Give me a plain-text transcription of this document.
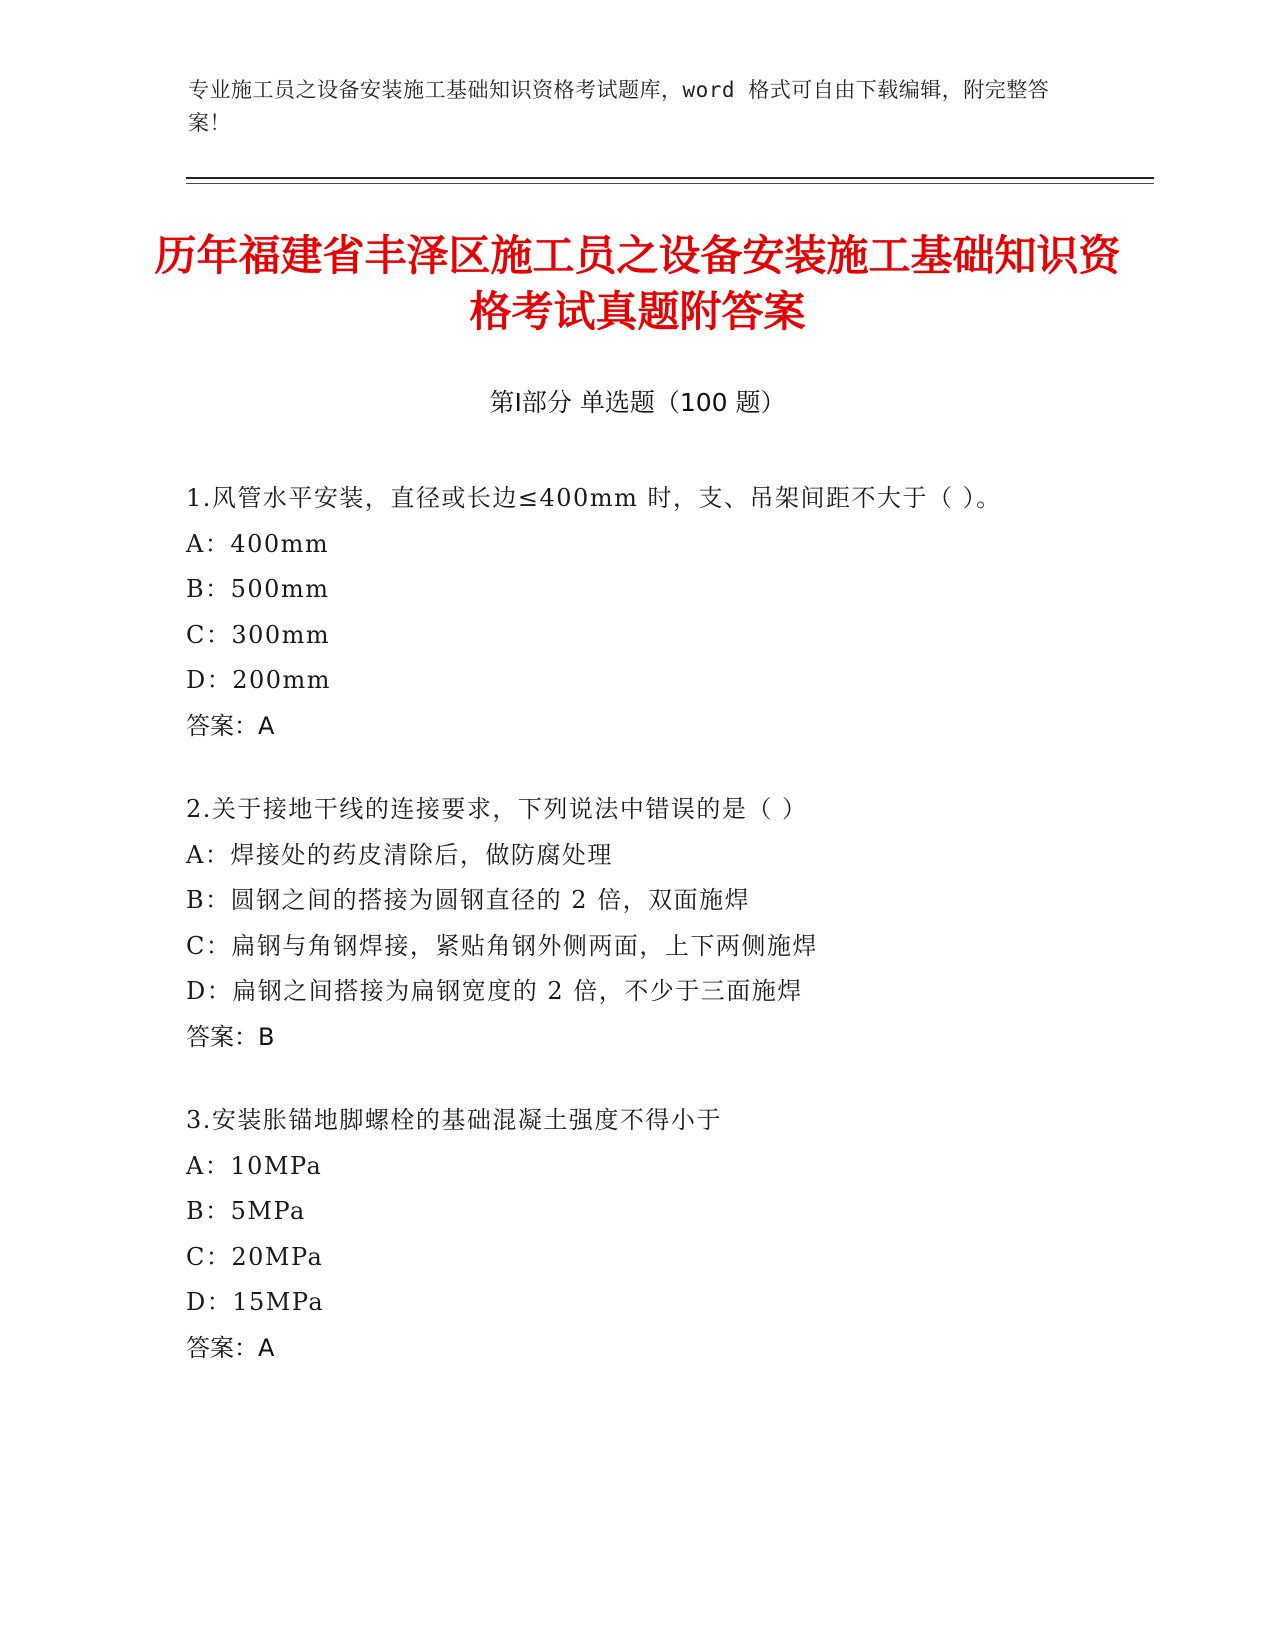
专业施工员之设备安装施工基础知识资格考试题库，word 格式可自由下载编辑，附完整答案！
历年福建省丰泽区施工员之设备安装施工基础知识资格考试真题附答案
第Ⅰ部分 单选题（100 题）
1.风管水平安装，直径或长边≤400mm 时，支、吊架间距不大于（ ）。
A：400mm
B：500mm
C：300mm
D：200mm
答案：A
2.关于接地干线的连接要求，下列说法中错误的是（ ）
A：焊接处的药皮清除后，做防腐处理
B：圆钢之间的搭接为圆钢直径的 2 倍，双面施焊
C：扁钢与角钢焊接，紧贴角钢外侧两面，上下两侧施焊
D：扁钢之间搭接为扁钢宽度的 2 倍，不少于三面施焊
答案：B
3.安装胀锚地脚螺栓的基础混凝土强度不得小于
A：10MPa
B：5MPa
C：20MPa
D：15MPa
答案：A
